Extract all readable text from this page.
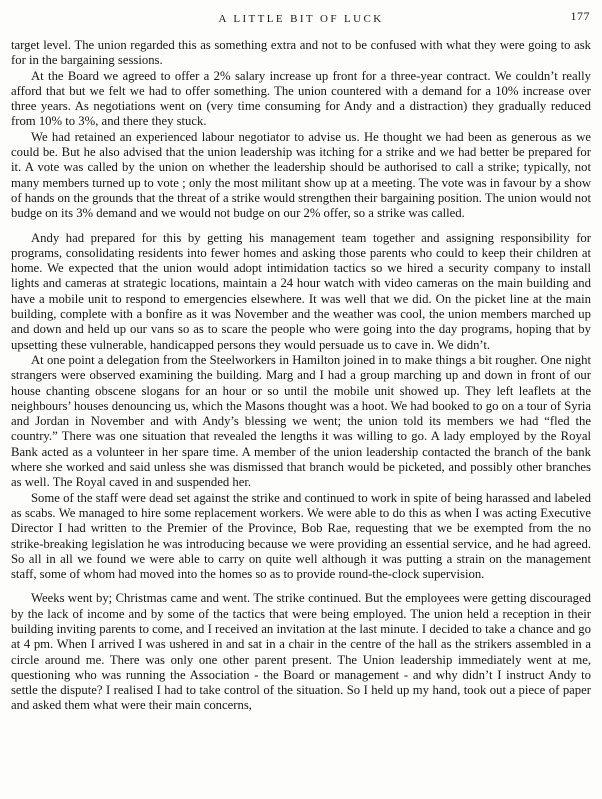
A LITTLE BIT OF LUCK	177

target level. The union regarded this as something extra and not to be confused with what they were going to ask for in the bargaining sessions.

At the Board we agreed to offer a 2% salary increase up front for a three-year contract. We couldn’t really afford that but we felt we had to offer something. The union countered with a demand for a 10% increase over three years. As negotiations went on (very time consuming for Andy and a distraction) they gradually reduced from 10% to 3%, and there they stuck.

We had retained an experienced labour negotiator to advise us. He thought we had been as generous as we could be. But he also advised that the union leadership was itching for a strike and we had better be prepared for it. A vote was called by the union on whether the leadership should be authorised to call a strike; typically, not many members turned up to vote ; only the most militant show up at a meeting. The vote was in favour by a show of hands on the grounds that the threat of a strike would strengthen their bargaining position. The union would not budge on its 3% demand and we would not budge on our 2% offer, so a strike was called.

Andy had prepared for this by getting his management team together and assigning responsibility for programs, consolidating residents into fewer homes and asking those parents who could to keep their children at home. We expected that the union would adopt intimidation tactics so we hired a security company to install lights and cameras at strategic locations, maintain a 24 hour watch with video cameras on the main building and have a mobile unit to respond to emergencies elsewhere. It was well that we did. On the picket line at the main building, complete with a bonfire as it was November and the weather was cool, the union members marched up and down and held up our vans so as to scare the people who were going into the day programs, hoping that by upsetting these vulnerable, handicapped persons they would persuade us to cave in. We didn’t.

At one point a delegation from the Steelworkers in Hamilton joined in to make things a bit rougher. One night strangers were observed examining the building. Marg and I had a group marching up and down in front of our house chanting obscene slogans for an hour or so until the mobile unit showed up. They left leaflets at the neighbours’ houses denouncing us, which the Masons thought was a hoot. We had booked to go on a tour of Syria and Jordan in November and with Andy’s blessing we went; the union told its members we had “fled the country.” There was one situation that revealed the lengths it was willing to go. A lady employed by the Royal Bank acted as a volunteer in her spare time. A member of the union leadership contacted the branch of the bank where she worked and said unless she was dismissed that branch would be picketed, and possibly other branches as well. The Royal caved in and suspended her.

Some of the staff were dead set against the strike and continued to work in spite of being harassed and labeled as scabs. We managed to hire some replacement workers. We were able to do this as when I was acting Executive Director I had written to the Premier of the Province, Bob Rae, requesting that we be exempted from the no strike-breaking legislation he was introducing because we were providing an essential service, and he had agreed. So all in all we found we were able to carry on quite well although it was putting a strain on the management staff, some of whom had moved into the homes so as to provide round-the-clock supervision.

Weeks went by; Christmas came and went. The strike continued. But the employees were getting discouraged by the lack of income and by some of the tactics that were being employed. The union held a reception in their building inviting parents to come, and I received an invitation at the last minute. I decided to take a chance and go at 4 pm. When I arrived I was ushered in and sat in a chair in the centre of the hall as the strikers assembled in a circle around me. There was only one other parent present. The Union leadership immediately went at me, questioning who was running the Association - the Board or management - and why didn’t I instruct Andy to settle the dispute? I realised I had to take control of the situation. So I held up my hand, took out a piece of paper and asked them what were their main concerns,
